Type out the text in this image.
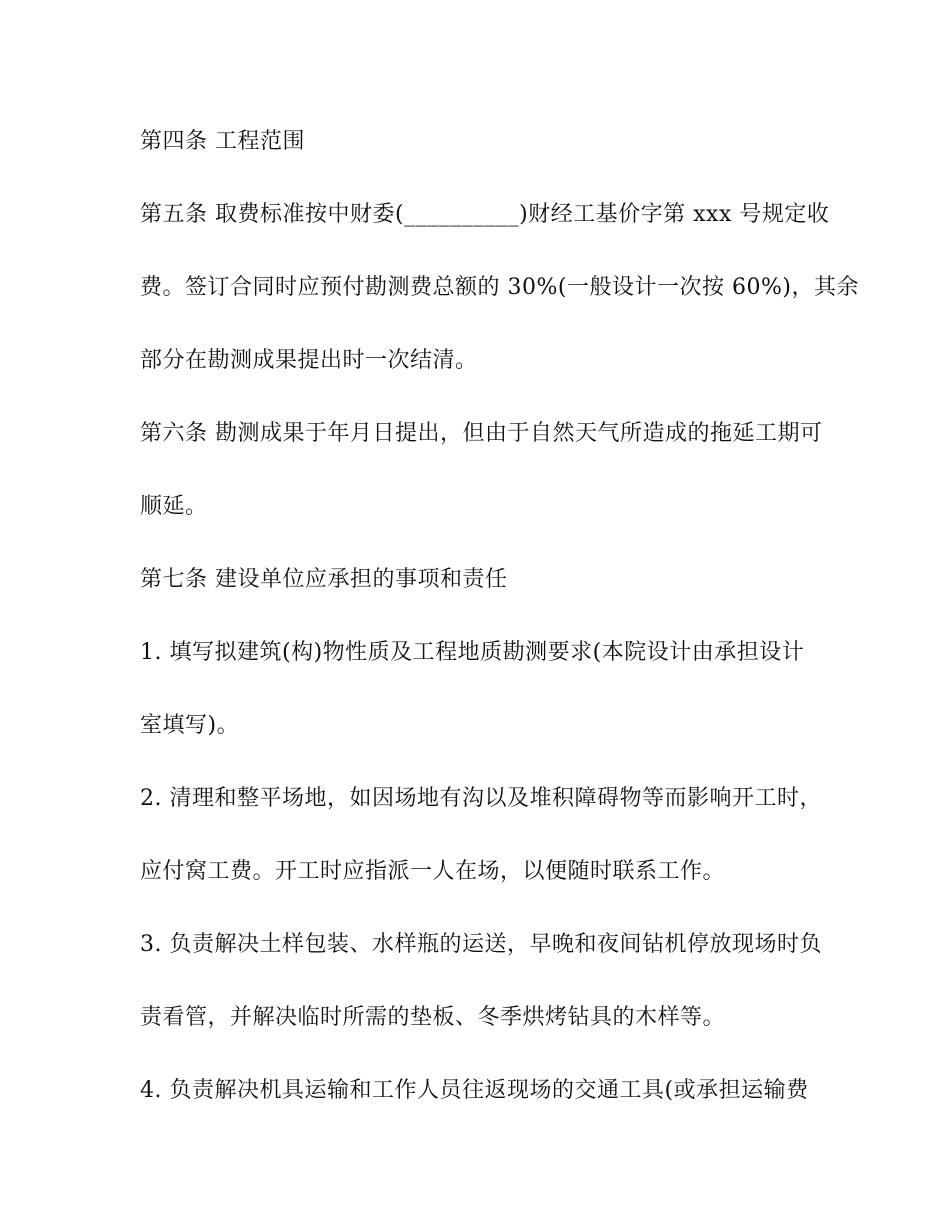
第四条 工程范围
第五条 取费标准按中财委(__________)财经工基价字第 xxx 号规定收
费。签订合同时应预付勘测费总额的 30%(一般设计一次按 60%)，其余
部分在勘测成果提出时一次结清。
第六条 勘测成果于年月日提出，但由于自然天气所造成的拖延工期可
顺延。
第七条 建设单位应承担的事项和责任
1. 填写拟建筑(构)物性质及工程地质勘测要求(本院设计由承担设计
室填写)。
2. 清理和整平场地，如因场地有沟以及堆积障碍物等而影响开工时，
应付窝工费。开工时应指派一人在场，以便随时联系工作。
3. 负责解决土样包装、水样瓶的运送，早晚和夜间钻机停放现场时负
责看管，并解决临时所需的垫板、冬季烘烤钻具的木样等。
4. 负责解决机具运输和工作人员往返现场的交通工具(或承担运输费
